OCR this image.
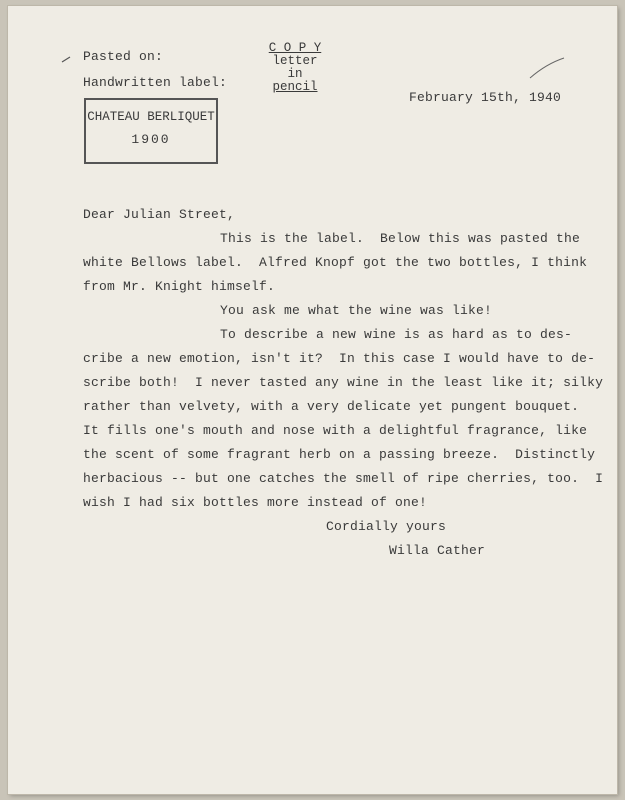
Pasted on:
Handwritten label:
C O P Y
letter
in
pencil
February 15th, 1940
CHATEAU BERLIQUET
1900
Dear Julian Street,
This is the label.  Below this was pasted the
white Bellows label.  Alfred Knopf got the two bottles, I think
from Mr. Knight himself.
You ask me what the wine was like!
To describe a new wine is as hard as to des-
cribe a new emotion, isn't it?  In this case I would have to de-
scribe both!  I never tasted any wine in the least like it; silky
rather than velvety, with a very delicate yet pungent bouquet.
It fills one's mouth and nose with a delightful fragrance, like
the scent of some fragrant herb on a passing breeze.  Distinctly
herbacious -- but one catches the smell of ripe cherries, too.  I
wish I had six bottles more instead of one!
Cordially yours
Willa Cather
